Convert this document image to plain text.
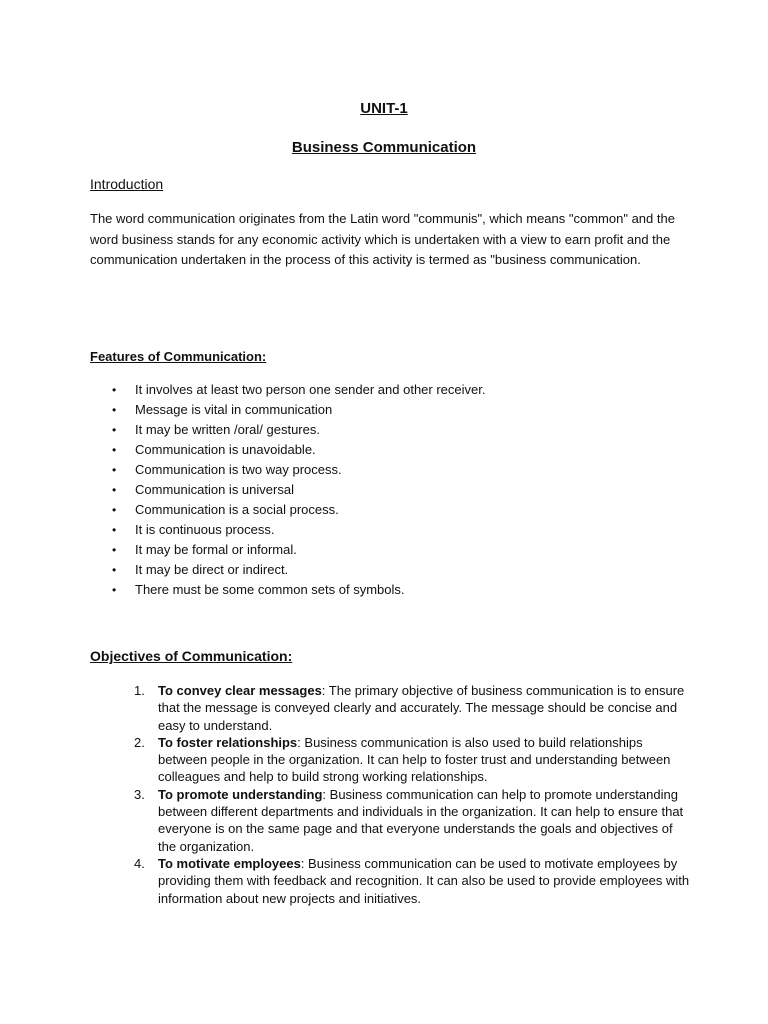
UNIT-1
Business Communication
Introduction

The word communication originates from the Latin word "communis", which means "common" and the word business stands for any economic activity which is undertaken with a view to earn profit and the communication undertaken in the process of this activity is termed as "business communication.

Features of Communication:
• It involves at least two person one sender and other receiver.
• Message is vital in communication
• It may be written /oral/ gestures.
• Communication is unavoidable.
• Communication is two way process.
• Communication is universal
• Communication is a social process.
• It is continuous process.
• It may be formal or informal.
• It may be direct or indirect.
• There must be some common sets of symbols.
Objectives of Communication:
1. To convey clear messages: The primary objective of business communication is to ensure that the message is conveyed clearly and accurately. The message should be concise and easy to understand.
2. To foster relationships: Business communication is also used to build relationships between people in the organization. It can help to foster trust and understanding between colleagues and help to build strong working relationships.
3. To promote understanding: Business communication can help to promote understanding between different departments and individuals in the organization. It can help to ensure that everyone is on the same page and that everyone understands the goals and objectives of the organization.
4. To motivate employees: Business communication can be used to motivate employees by providing them with feedback and recognition. It can also be used to provide employees with information about new projects and initiatives.
